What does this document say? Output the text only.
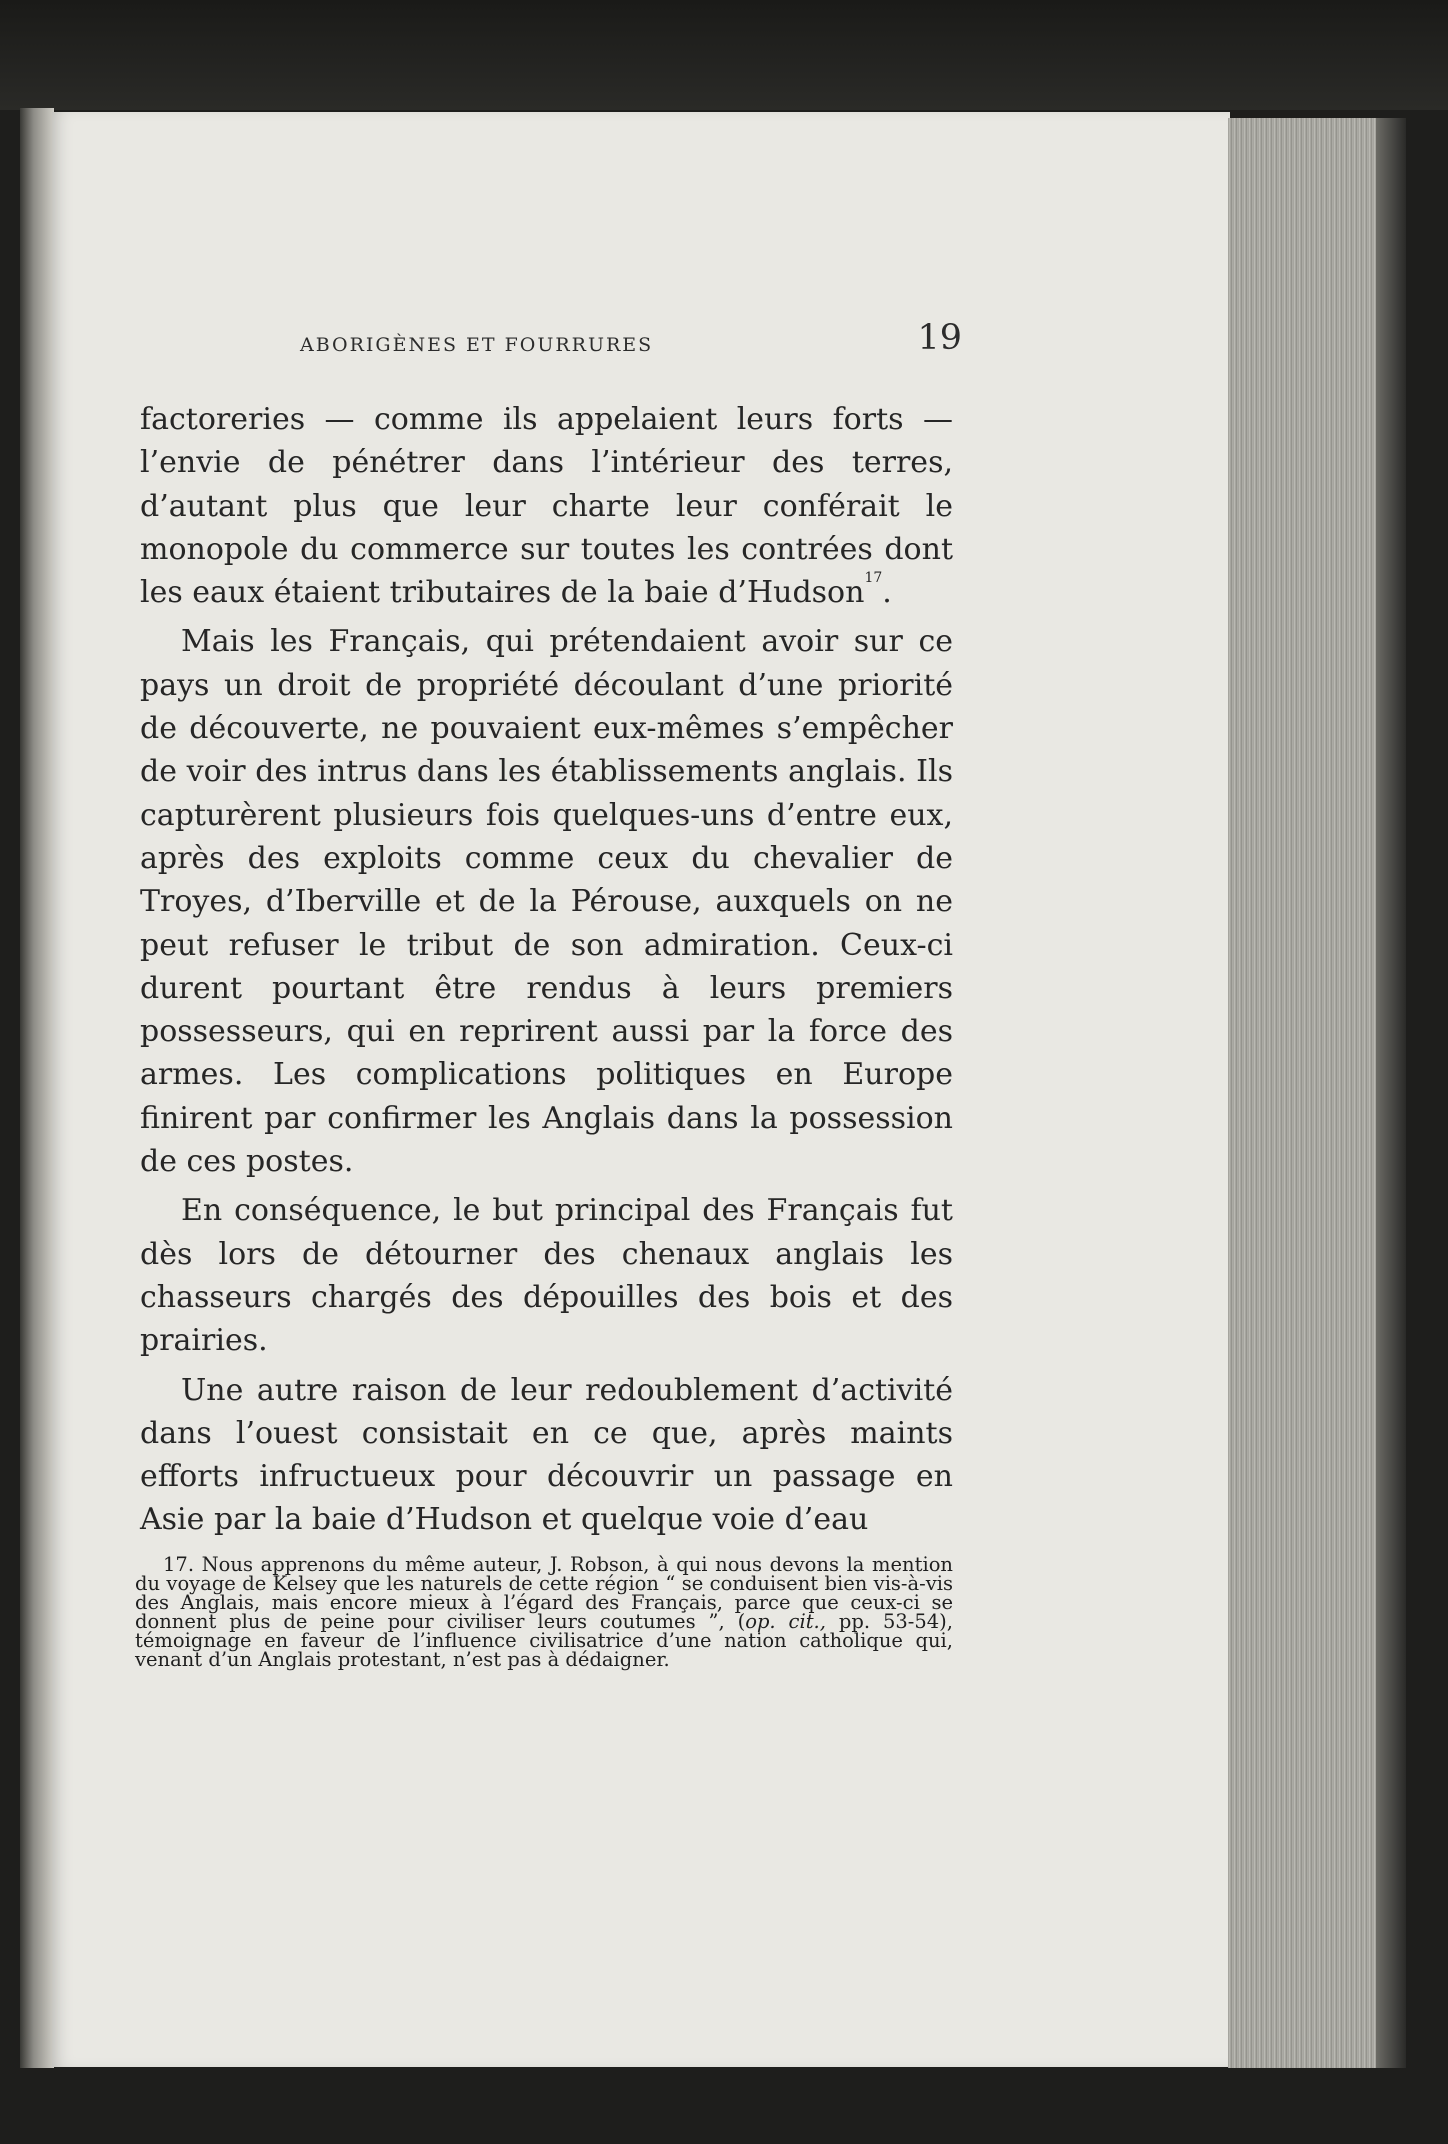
ABORIGÈNES ET FOURRURES	19

factoreries — comme ils appelaient leurs forts — l’envie de pénétrer dans l’intérieur des terres, d’autant plus que leur charte leur conférait le monopole du commerce sur toutes les contrées dont les eaux étaient tributaires de la baie d’Hudson$^{17}$.

Mais les Français, qui prétendaient avoir sur ce pays un droit de propriété découlant d’une priorité de découverte, ne pouvaient eux-mêmes s’empêcher de voir des intrus dans les établissements anglais. Ils capturèrent plusieurs fois quelques-uns d’entre eux, après des exploits comme ceux du chevalier de Troyes, d’Iberville et de la Pérouse, auxquels on ne peut refuser le tribut de son admiration. Ceux-ci durent pourtant être rendus à leurs premiers possesseurs, qui en reprirent aussi par la force des armes. Les complications politiques en Europe finirent par confirmer les Anglais dans la possession de ces postes.

En conséquence, le but principal des Français fut dès lors de détourner des chenaux anglais les chasseurs chargés des dépouilles des bois et des prairies.

Une autre raison de leur redoublement d’activité dans l’ouest consistait en ce que, après maints efforts infructueux pour découvrir un passage en Asie par la baie d’Hudson et quelque voie d’eau

17. Nous apprenons du même auteur, J. Robson, à qui nous devons la mention du voyage de Kelsey que les naturels de cette région “ se conduisent bien vis-à-vis des Anglais, mais encore mieux à l’égard des Français, parce que ceux-ci se donnent plus de peine pour civiliser leurs coutumes ”, (op. cit., pp. 53-54), témoignage en faveur de l’influence civilisatrice d’une nation catholique qui, venant d’un Anglais protestant, n’est pas à dédaigner.
